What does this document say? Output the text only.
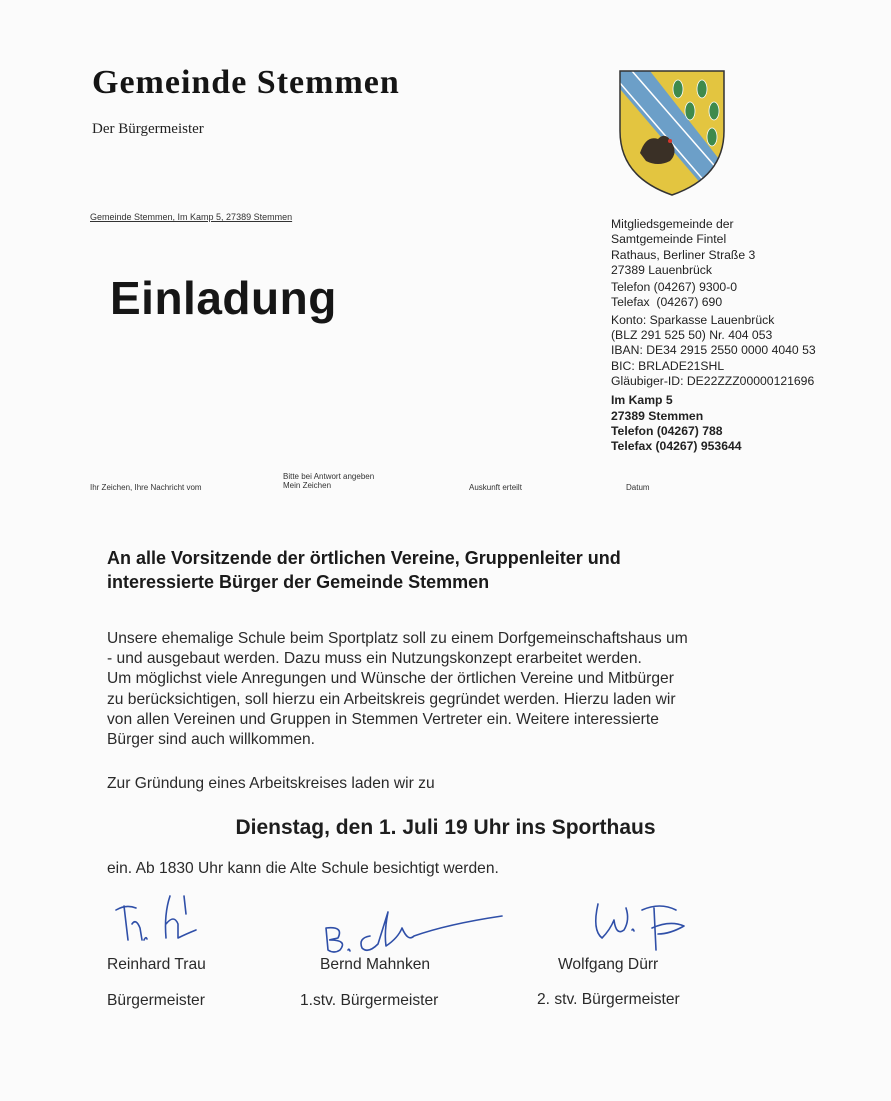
Gemeinde Stemmen
Der Bürgermeister
Gemeinde Stemmen, Im Kamp 5, 27389 Stemmen	Mitgliedsgemeinde der
Samtgemeinde Fintel
Rathaus, Berliner Straße 3
27389 Lauenbrück
Telefon (04267) 9300-0
Telefax  (04267) 690
Konto: Sparkasse Lauenbrück
(BLZ 291 525 50) Nr. 404 053
IBAN: DE34 2915 2550 0000 4040 53
BIC: BRLADE21SHL
Gläubiger-ID: DE22ZZZ00000121696
Im Kamp 5
27389 Stemmen
Telefon (04267) 788
Telefax (04267) 953644
Einladung
Ihr Zeichen, Ihre Nachricht vom
Bitte bei Antwort angeben
Mein Zeichen	Auskunft erteilt	Datum
An alle Vorsitzende der örtlichen Vereine, Gruppenleiter und
interessierte Bürger der Gemeinde Stemmen
Unsere ehemalige Schule beim Sportplatz soll zu einem Dorfgemeinschaftshaus um
- und ausgebaut werden. Dazu muss ein Nutzungskonzept erarbeitet werden.
Um möglichst viele Anregungen und Wünsche der örtlichen Vereine und Mitbürger
zu berücksichtigen, soll hierzu ein Arbeitskreis gegründet werden. Hierzu laden wir
von allen Vereinen und Gruppen in Stemmen Vertreter ein. Weitere interessierte
Bürger sind auch willkommen.
Zur Gründung eines Arbeitskreises laden wir zu
Dienstag, den 1. Juli 19 Uhr ins Sporthaus
ein. Ab 1830 Uhr kann die Alte Schule besichtigt werden.
Reinhard Trau
Bürgermeister
Bernd Mahnken
1.stv. Bürgermeister
Wolfgang Dürr
2. stv. Bürgermeister
